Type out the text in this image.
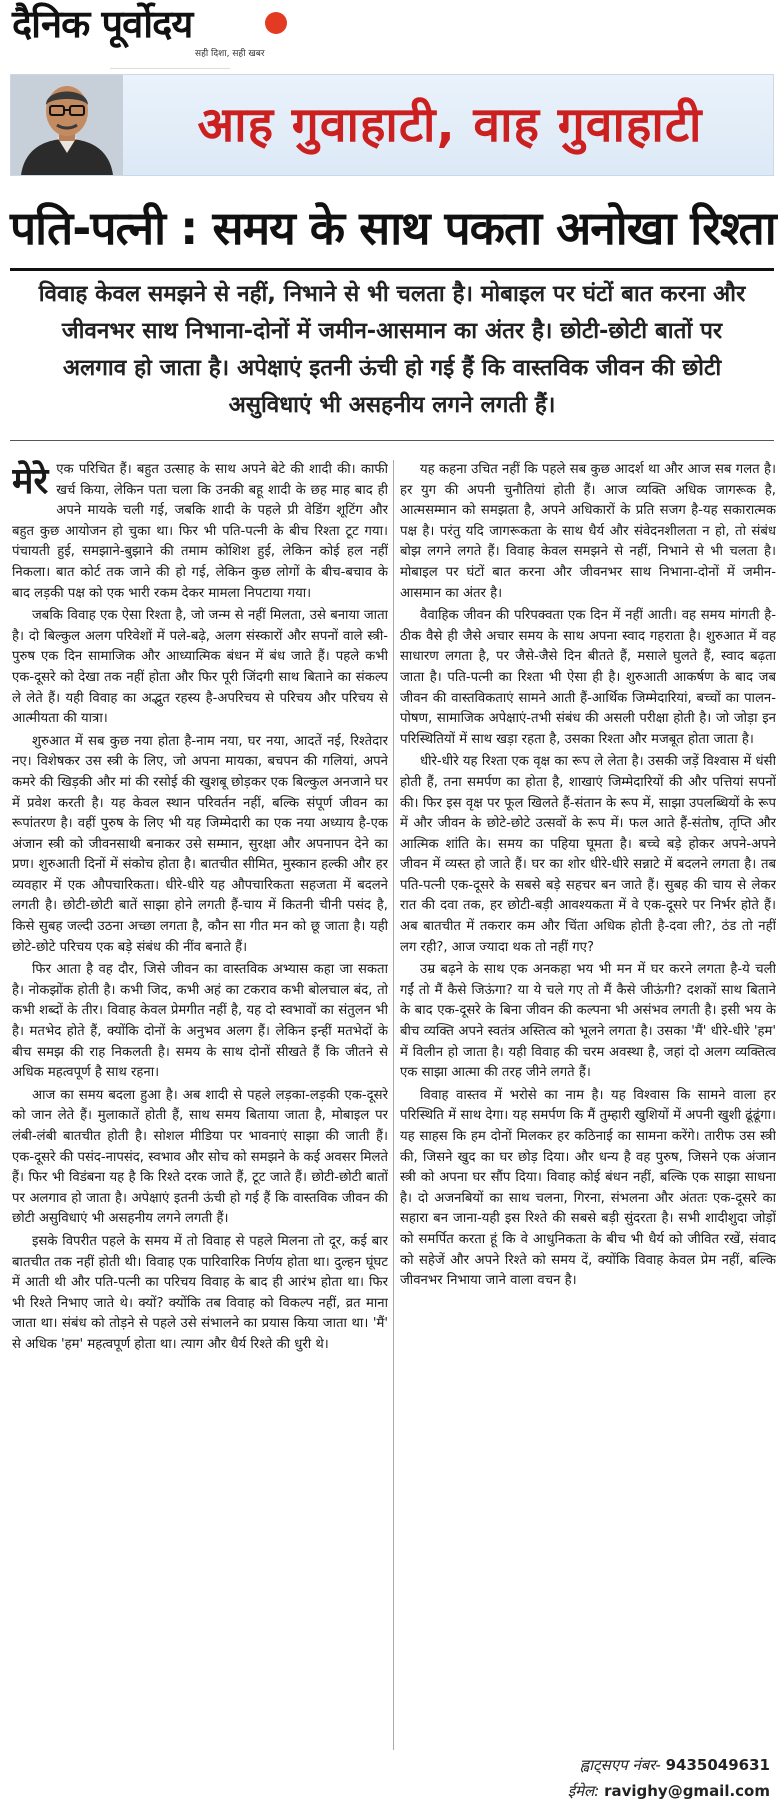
दैनिक पूर्वोदय
सही दिशा, सही खबर
आह गुवाहाटी, वाह गुवाहाटी
पति-पत्नी : समय के साथ पकता अनोखा रिश्ता
विवाह केवल समझने से नहीं, निभाने से भी चलता है। मोबाइल पर घंटों बात करना और जीवनभर साथ निभाना-दोनों में जमीन-आसमान का अंतर है। छोटी-छोटी बातों पर अलगाव हो जाता है। अपेक्षाएं इतनी ऊंची हो गई हैं कि वास्तविक जीवन की छोटी असुविधाएं भी असहनीय लगने लगती हैं।

मेरे एक परिचित हैं। बहुत उत्साह के साथ अपने बेटे की शादी की। काफी खर्च किया, लेकिन पता चला कि उनकी बहू शादी के छह माह बाद ही अपने मायके चली गई, जबकि शादी के पहले प्री वेडिंग शूटिंग और बहुत कुछ आयोजन हो चुका था। फिर भी पति-पत्नी के बीच रिश्ता टूट गया। पंचायती हुई, समझाने-बुझाने की तमाम कोशिश हुई, लेकिन कोई हल नहीं निकला। बात कोर्ट तक जाने की हो गई, लेकिन कुछ लोगों के बीच-बचाव के बाद लड़की पक्ष को एक भारी रकम देकर मामला निपटाया गया।

जबकि विवाह एक ऐसा रिश्ता है, जो जन्म से नहीं मिलता, उसे बनाया जाता है। दो बिल्कुल अलग परिवेशों में पले-बढ़े, अलग संस्कारों और सपनों वाले स्त्री-पुरुष एक दिन सामाजिक और आध्यात्मिक बंधन में बंध जाते हैं। पहले कभी एक-दूसरे को देखा तक नहीं होता और फिर पूरी जिंदगी साथ बिताने का संकल्प ले लेते हैं। यही विवाह का अद्भुत रहस्य है-अपरिचय से परिचय और परिचय से आत्मीयता की यात्रा।

शुरुआत में सब कुछ नया होता है-नाम नया, घर नया, आदतें नई, रिश्तेदार नए। विशेषकर उस स्त्री के लिए, जो अपना मायका, बचपन की गलियां, अपने कमरे की खिड़की और मां की रसोई की खुशबू छोड़कर एक बिल्कुल अनजाने घर में प्रवेश करती है। यह केवल स्थान परिवर्तन नहीं, बल्कि संपूर्ण जीवन का रूपांतरण है। वहीं पुरुष के लिए भी यह जिम्मेदारी का एक नया अध्याय है-एक अंजान स्त्री को जीवनसाथी बनाकर उसे सम्मान, सुरक्षा और अपनापन देने का प्रण। शुरुआती दिनों में संकोच होता है। बातचीत सीमित, मुस्कान हल्की और हर व्यवहार में एक औपचारिकता। धीरे-धीरे यह औपचारिकता सहजता में बदलने लगती है। छोटी-छोटी बातें साझा होने लगती हैं-चाय में कितनी चीनी पसंद है, किसे सुबह जल्दी उठना अच्छा लगता है, कौन सा गीत मन को छू जाता है। यही छोटे-छोटे परिचय एक बड़े संबंध की नींव बनाते हैं।

फिर आता है वह दौर, जिसे जीवन का वास्तविक अभ्यास कहा जा सकता है। नोकझोंक होती है। कभी जिद, कभी अहं का टकराव कभी बोलचाल बंद, तो कभी शब्दों के तीर। विवाह केवल प्रेमगीत नहीं है, यह दो स्वभावों का संतुलन भी है। मतभेद होते हैं, क्योंकि दोनों के अनुभव अलग हैं। लेकिन इन्हीं मतभेदों के बीच समझ की राह निकलती है। समय के साथ दोनों सीखते हैं कि जीतने से अधिक महत्वपूर्ण है साथ रहना।

आज का समय बदला हुआ है। अब शादी से पहले लड़का-लड़की एक-दूसरे को जान लेते हैं। मुलाकातें होती हैं, साथ समय बिताया जाता है, मोबाइल पर लंबी-लंबी बातचीत होती है। सोशल मीडिया पर भावनाएं साझा की जाती हैं। एक-दूसरे की पसंद-नापसंद, स्वभाव और सोच को समझने के कई अवसर मिलते हैं। फिर भी विडंबना यह है कि रिश्ते दरक जाते हैं, टूट जाते हैं। छोटी-छोटी बातों पर अलगाव हो जाता है। अपेक्षाएं इतनी ऊंची हो गई हैं कि वास्तविक जीवन की छोटी असुविधाएं भी असहनीय लगने लगती हैं।

इसके विपरीत पहले के समय में तो विवाह से पहले मिलना तो दूर, कई बार बातचीत तक नहीं होती थी। विवाह एक पारिवारिक निर्णय होता था। दुल्हन घूंघट में आती थी और पति-पत्नी का परिचय विवाह के बाद ही आरंभ होता था। फिर भी रिश्ते निभाए जाते थे। क्यों? क्योंकि तब विवाह को विकल्प नहीं, व्रत माना जाता था। संबंध को तोड़ने से पहले उसे संभालने का प्रयास किया जाता था। 'मैं' से अधिक 'हम' महत्वपूर्ण होता था। त्याग और धैर्य रिश्ते की धुरी थे।

यह कहना उचित नहीं कि पहले सब कुछ आदर्श था और आज सब गलत है। हर युग की अपनी चुनौतियां होती हैं। आज व्यक्ति अधिक जागरूक है, आत्मसम्मान को समझता है, अपने अधिकारों के प्रति सजग है-यह सकारात्मक पक्ष है। परंतु यदि जागरूकता के साथ धैर्य और संवेदनशीलता न हो, तो संबंध बोझ लगने लगते हैं। विवाह केवल समझने से नहीं, निभाने से भी चलता है। मोबाइल पर घंटों बात करना और जीवनभर साथ निभाना-दोनों में जमीन-आसमान का अंतर है।

वैवाहिक जीवन की परिपक्वता एक दिन में नहीं आती। वह समय मांगती है-ठीक वैसे ही जैसे अचार समय के साथ अपना स्वाद गहराता है। शुरुआत में वह साधारण लगता है, पर जैसे-जैसे दिन बीतते हैं, मसाले घुलते हैं, स्वाद बढ़ता जाता है। पति-पत्नी का रिश्ता भी ऐसा ही है। शुरुआती आकर्षण के बाद जब जीवन की वास्तविकताएं सामने आती हैं-आर्थिक जिम्मेदारियां, बच्चों का पालन-पोषण, सामाजिक अपेक्षाएं-तभी संबंध की असली परीक्षा होती है। जो जोड़ा इन परिस्थितियों में साथ खड़ा रहता है, उसका रिश्ता और मजबूत होता जाता है।

धीरे-धीरे यह रिश्ता एक वृक्ष का रूप ले लेता है। उसकी जड़ें विश्वास में धंसी होती हैं, तना समर्पण का होता है, शाखाएं जिम्मेदारियों की और पत्तियां सपनों की। फिर इस वृक्ष पर फूल खिलते हैं-संतान के रूप में, साझा उपलब्धियों के रूप में और जीवन के छोटे-छोटे उत्सवों के रूप में। फल आते हैं-संतोष, तृप्ति और आत्मिक शांति के। समय का पहिया घूमता है। बच्चे बड़े होकर अपने-अपने जीवन में व्यस्त हो जाते हैं। घर का शोर धीरे-धीरे सन्नाटे में बदलने लगता है। तब पति-पत्नी एक-दूसरे के सबसे बड़े सहचर बन जाते हैं। सुबह की चाय से लेकर रात की दवा तक, हर छोटी-बड़ी आवश्यकता में वे एक-दूसरे पर निर्भर होते हैं। अब बातचीत में तकरार कम और चिंता अधिक होती है-दवा ली?, ठंड तो नहीं लग रही?, आज ज्यादा थक तो नहीं गए?

उम्र बढ़ने के साथ एक अनकहा भय भी मन में घर करने लगता है-ये चली गईं तो मैं कैसे जिऊंगा? या ये चले गए तो मैं कैसे जीऊंगी? दशकों साथ बिताने के बाद एक-दूसरे के बिना जीवन की कल्पना भी असंभव लगती है। इसी भय के बीच व्यक्ति अपने स्वतंत्र अस्तित्व को भूलने लगता है। उसका 'मैं' धीरे-धीरे 'हम' में विलीन हो जाता है। यही विवाह की चरम अवस्था है, जहां दो अलग व्यक्तित्व एक साझा आत्मा की तरह जीने लगते हैं।

विवाह वास्तव में भरोसे का नाम है। यह विश्वास कि सामने वाला हर परिस्थिति में साथ देगा। यह समर्पण कि मैं तुम्हारी खुशियों में अपनी खुशी ढूंढूंगा। यह साहस कि हम दोनों मिलकर हर कठिनाई का सामना करेंगे। तारीफ उस स्त्री की, जिसने खुद का घर छोड़ दिया। और धन्य है वह पुरुष, जिसने एक अंजान स्त्री को अपना घर सौंप दिया। विवाह कोई बंधन नहीं, बल्कि एक साझा साधना है। दो अजनबियों का साथ चलना, गिरना, संभलना और अंततः एक-दूसरे का सहारा बन जाना-यही इस रिश्ते की सबसे बड़ी सुंदरता है। सभी शादीशुदा जोड़ों को समर्पित करता हूं कि वे आधुनिकता के बीच भी धैर्य को जीवित रखें, संवाद को सहेजें और अपने रिश्ते को समय दें, क्योंकि विवाह केवल प्रेम नहीं, बल्कि जीवनभर निभाया जाने वाला वचन है।

ह्वाट्सएप नंबर- 9435049631
ईमेल: ravighy@gmail.com
